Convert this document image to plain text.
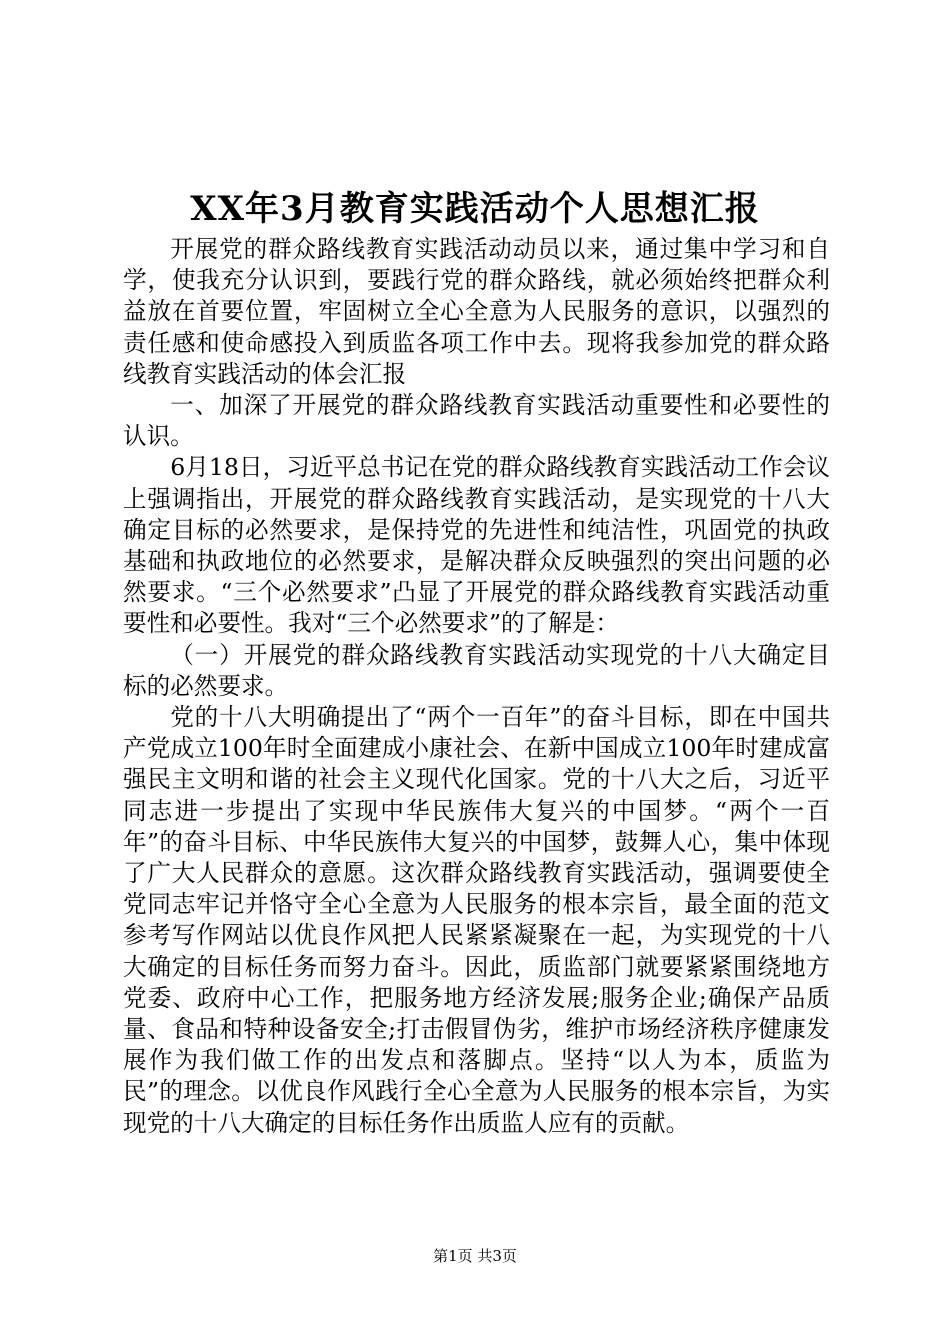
XX年3月教育实践活动个人思想汇报

开展党的群众路线教育实践活动动员以来，通过集中学习和自学，使我充分认识到，要践行党的群众路线，就必须始终把群众利益放在首要位置，牢固树立全心全意为人民服务的意识，以强烈的责任感和使命感投入到质监各项工作中去。现将我参加党的群众路线教育实践活动的体会汇报

一、加深了开展党的群众路线教育实践活动重要性和必要性的认识。

6月18日，习近平总书记在党的群众路线教育实践活动工作会议上强调指出，开展党的群众路线教育实践活动，是实现党的十八大确定目标的必然要求，是保持党的先进性和纯洁性，巩固党的执政基础和执政地位的必然要求，是解决群众反映强烈的突出问题的必然要求。“三个必然要求”凸显了开展党的群众路线教育实践活动重要性和必要性。我对“三个必然要求”的了解是：

（一）开展党的群众路线教育实践活动实现党的十八大确定目标的必然要求。

党的十八大明确提出了“两个一百年”的奋斗目标，即在中国共产党成立100年时全面建成小康社会、在新中国成立100年时建成富强民主文明和谐的社会主义现代化国家。党的十八大之后，习近平同志进一步提出了实现中华民族伟大复兴的中国梦。“两个一百年”的奋斗目标、中华民族伟大复兴的中国梦，鼓舞人心，集中体现了广大人民群众的意愿。这次群众路线教育实践活动，强调要使全党同志牢记并恪守全心全意为人民服务的根本宗旨，最全面的范文参考写作网站以优良作风把人民紧紧凝聚在一起，为实现党的十八大确定的目标任务而努力奋斗。因此，质监部门就要紧紧围绕地方党委、政府中心工作，把服务地方经济发展;服务企业;确保产品质量、食品和特种设备安全;打击假冒伪劣，维护市场经济秩序健康发展作为我们做工作的出发点和落脚点。坚持“以人为本，质监为民”的理念。以优良作风践行全心全意为人民服务的根本宗旨，为实现党的十八大确定的目标任务作出质监人应有的贡献。

第1页 共3页
